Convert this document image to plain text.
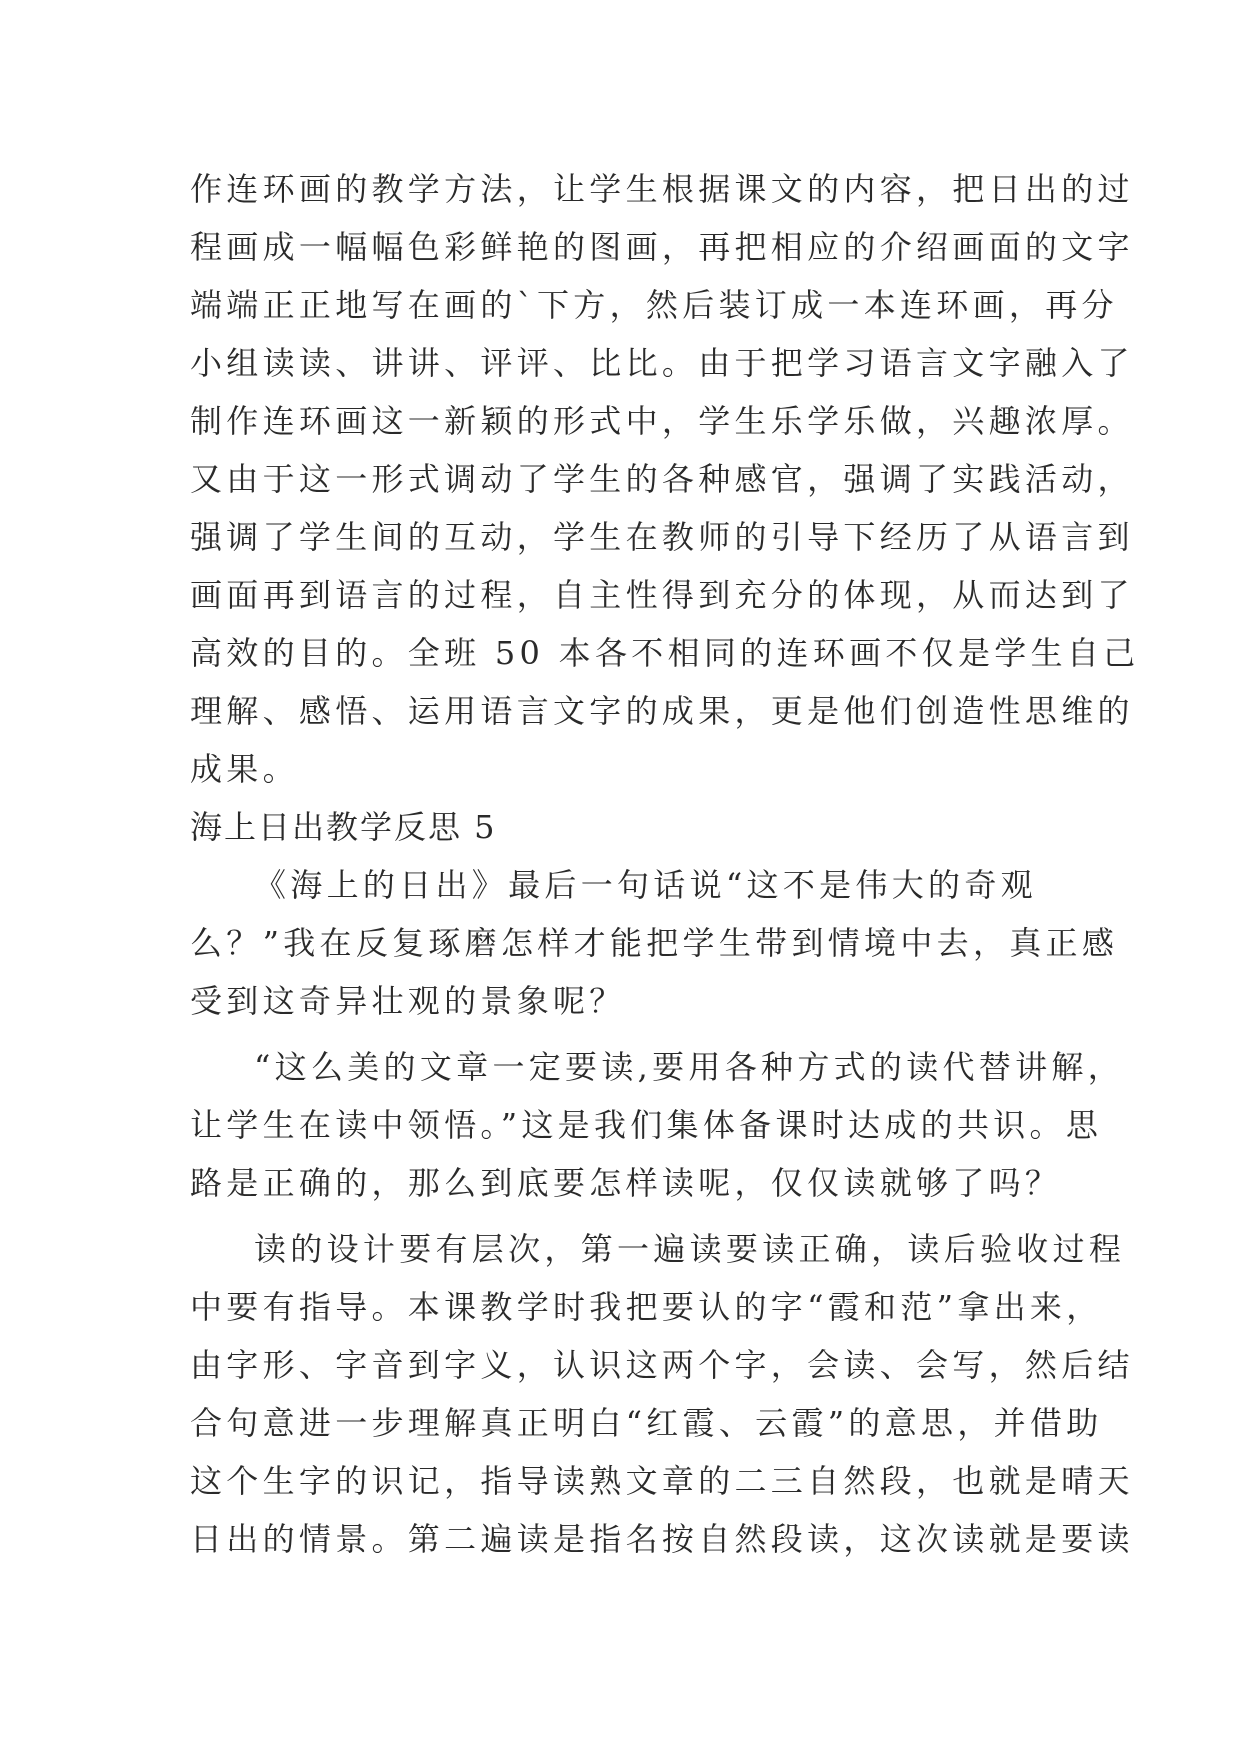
作连环画的教学方法，让学生根据课文的内容，把日出的过
程画成一幅幅色彩鲜艳的图画，再把相应的介绍画面的文字
端端正正地写在画的`下方，然后装订成一本连环画，再分
小组读读、讲讲、评评、比比。由于把学习语言文字融入了
制作连环画这一新颖的形式中，学生乐学乐做，兴趣浓厚。
又由于这一形式调动了学生的各种感官，强调了实践活动，
强调了学生间的互动，学生在教师的引导下经历了从语言到
画面再到语言的过程，自主性得到充分的体现，从而达到了
高效的目的。全班 50 本各不相同的连环画不仅是学生自己
理解、感悟、运用语言文字的成果，更是他们创造性思维的
成果。
海上日出教学反思 5
《海上的日出》最后一句话说“这不是伟大的奇观
么？”我在反复琢磨怎样才能把学生带到情境中去，真正感
受到这奇异壮观的景象呢？
“这么美的文章一定要读,要用各种方式的读代替讲解，
让学生在读中领悟。”这是我们集体备课时达成的共识。思
路是正确的，那么到底要怎样读呢，仅仅读就够了吗？
读的设计要有层次，第一遍读要读正确，读后验收过程
中要有指导。本课教学时我把要认的字“霞和范”拿出来，
由字形、字音到字义，认识这两个字，会读、会写，然后结
合句意进一步理解真正明白“红霞、云霞”的意思，并借助
这个生字的识记，指导读熟文章的二三自然段，也就是晴天
日出的情景。第二遍读是指名按自然段读，这次读就是要读
